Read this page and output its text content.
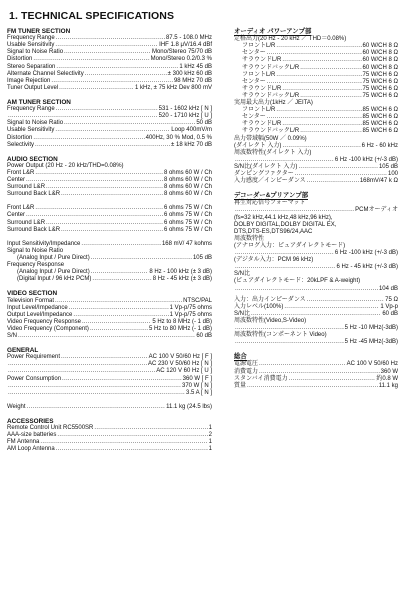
1. TECHNICAL SPECIFICATIONS
FM TUNER SECTION
Frequency Range .....	87.5 - 108.0 MHz
Usable Sensitivity .....	IHF 1.8 μV/16.4 dBf
Signal to Noise Ratio .....	Mono/Stereo 75/70 dB
Distortion .....	Mono/Stereo 0.2/0.3 %
Stereo Separation .....	1 kHz 45 dB
Alternate Channel Selectivity .....	± 300 kHz 60 dB
Image Rejection .....	98 MHz 70 dB
Tuner Output Level .....	1 kHz, ± 75 kHz Dev 800 mV
AM TUNER SECTION
Frequency Range .....	531 - 1602 kHz [ N ]
.....
520 - 1710 kHz [ U ]
Signal to Noise Ratio .....	50 dB
Usable Sensitivity .....	Loop 400mV/m
Distortion .....	400Hz, 30 % Mod, 0.5 %
Selectivity .....	± 18 kHz 70 dB
AUDIO SECTION
Power Output (20 Hz - 20 kHz/THD=0.08%)
Front L&R .....	8 ohms 60 W / Ch
Center .....	8 ohms 60 W / Ch
Surround L&R .....	8 ohms 60 W / Ch
Surround Back L&R .....	8 ohms 60 W / Ch
Front L&R .....	6 ohms 75 W / Ch
Center .....	6 ohms 75 W / Ch
Surround L&R .....	6 ohms 75 W / Ch
Surround Back L&R .....	6 ohms 75 W / Ch
Input Sensitivity/Impedance .....	168 mV/ 47 kohms
Signal to Noise Ratio
(Analog Input / Pure Direct) .....	105 dB
Frequency Response
(Analog Input / Pure Direct) .....	8 Hz - 100 kHz (± 3 dB)
(Digital Input / 96 kHz PCM) .....	8 Hz - 45 kHz (± 3 dB)
VIDEO SECTION
Television Format .....	NTSC/PAL
Input Level/Impedance .....	1 Vp-p/75 ohms
Output Level/Impedance .....	1 Vp-p/75 ohms
Video Frequency Response .....	5 Hz to 8 MHz (- 1 dB)
Video Frequency (Component) .....	5 Hz to 80 MHz (- 1 dB)
S/N .....	60 dB
GENERAL
Power Requirement .....	AC 100 V 50/60 Hz [ F ]
.....
AC 230 V 50/60 Hz [ N ]
.....
AC 120 V 60 Hz [ U ]
Power Consumption .....	360 W [ F ]
.....
370 W [ N ]
.....
3.5 A [ N ]
Weight .....	11.1 kg (24.5 lbs)
ACCESSORIES
Remote Control Unit RC5500SR .....	1
AAA-size batteries .....	2
FM Antenna .....	1
AM Loop Antenna .....	1
オーディオ パワーアンプ部
定格出力(20 Hz - 20 kHz ／ THD＝0.08%)
フロントL/R .....	60 W/CH 8 Ω
センター .....	60 W/CH 8 Ω
サラウンドL/R .....	60 W/CH 8 Ω
サラウンドバックL/R .....	60 W/CH 8 Ω
フロントL/R .....	75 W/CH 6 Ω
センター .....	75 W/CH 6 Ω
サラウンドL/R .....	75 W/CH 6 Ω
サラウンドバックL/R .....	75 W/CH 6 Ω
実用最大出力(1kHz ／ JEITA)
フロントL/R .....	85 W/CH 6 Ω
センター .....	85 W/CH 6 Ω
サラウンドL/R .....	85 W/CH 6 Ω
サラウンドバックL/R .....	85 W/CH 6 Ω
出力帯域幅(50W ／ 0.09%)
(ダイレクト 入力) .....	6 Hz - 60 kHz
周波数特性(ダイレクト 入力)
.....
6 Hz -100 kHz (+/-3 dB)
S/N比(ダイレクト 入力) .....	105 dB
ダンピングファクター .....	100
入力感度／インピーダンス .....	168mV/47 k Ω
デコーダー&プリアンプ部
再生対応信号フォーマット
.....
PCMオーディオ
(fs=32 kHz,44.1 kHz,48 kHz,96 kHz),
DOLBY DIGITAL,DOLBY DIGITAL EX,
DTS,DTS-ES,DTS96/24,AAC
周波数特性
(アナログ入力：ピュアダイレクトモード)
.....
6 Hz -100 kHz (+/-3 dB)
(デジタル入力：PCM 96 kHz)
.....
6 Hz - 45 kHz (+/-3 dB)
S/N比
(ピュアダイレクトモード：20kLPF & A-weight)
.....
104 dB
入力：出力インピーダンス .....	75 Ω
入力レベル(100%) .....	1 Vp-p
S/N比 .....	60 dB
周波数特性(Video,S-Video)
.....
5 Hz -10 MHz(-3dB)
周波数特性(コンポーネント Video)
.....
5 Hz -45 MHz(-3dB)
総合
電源電圧 .....	AC 100 V 50/60 Hz
消費電力 .....	360 W
スタンバイ消費電力 .....	約0.8 W
質量 .....	11.1 kg
